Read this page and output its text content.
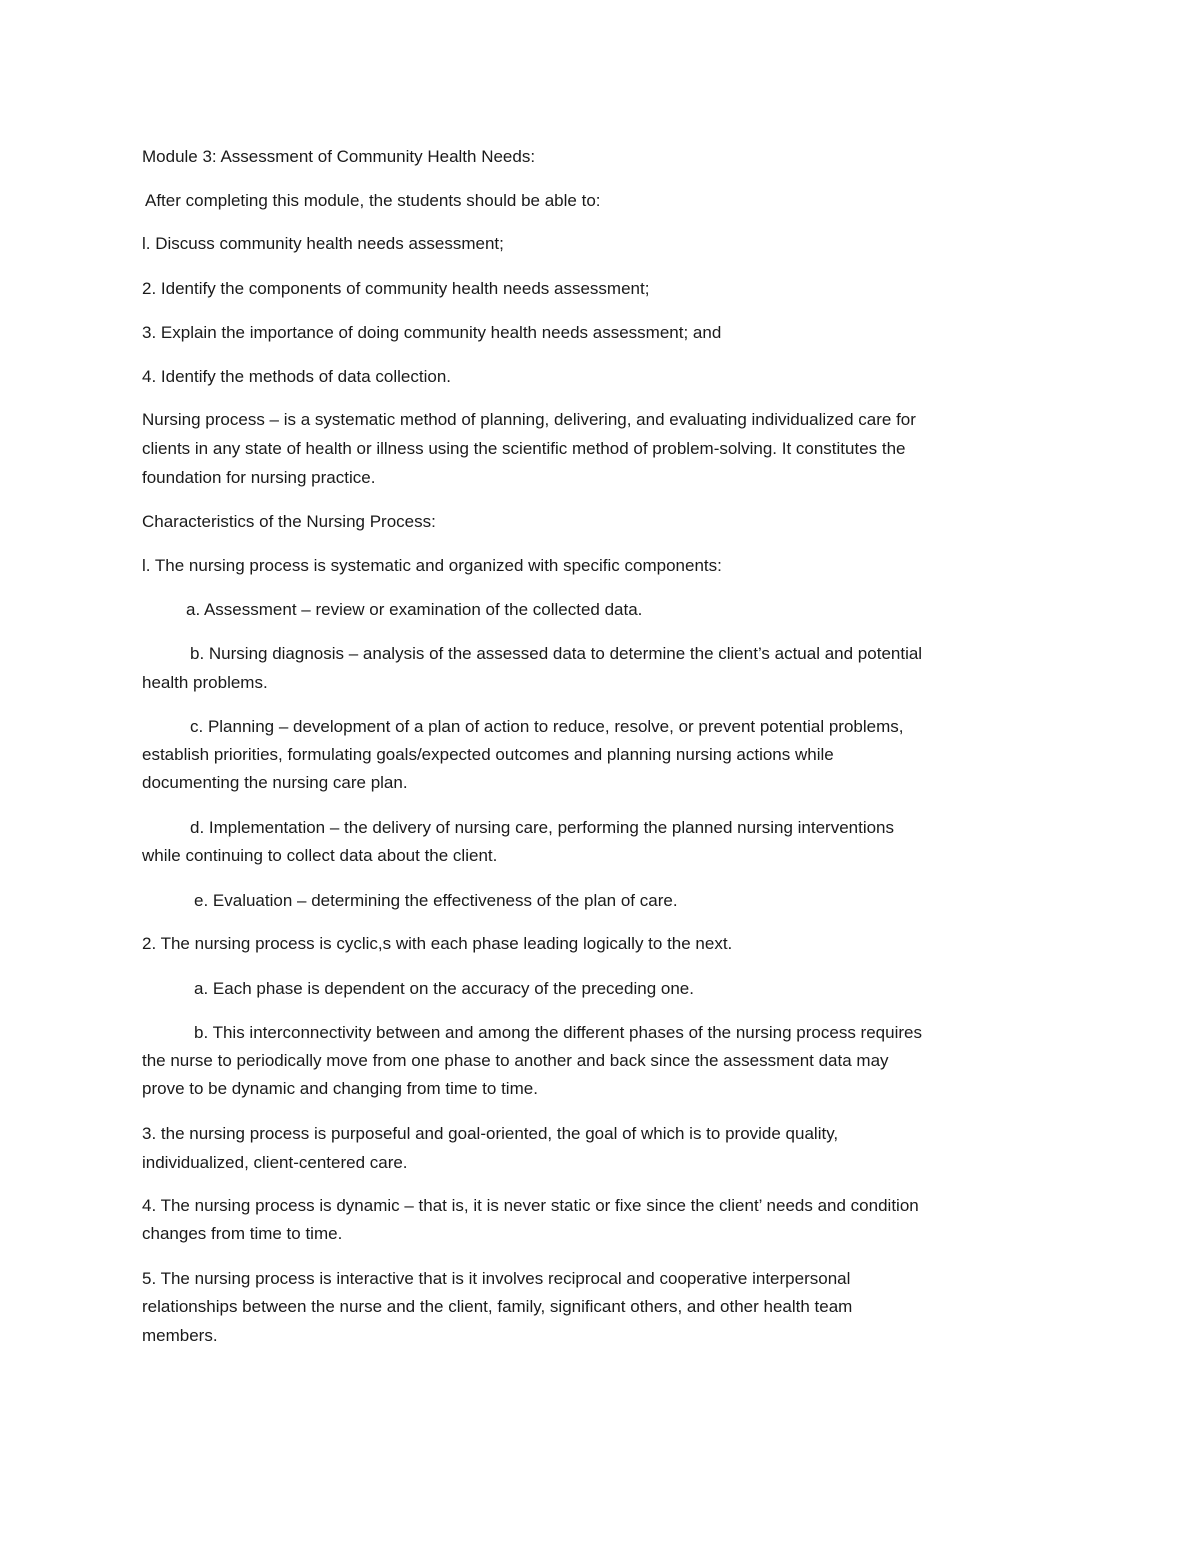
Module 3: Assessment of Community Health Needs:

After completing this module, the students should be able to:

l. Discuss community health needs assessment;

2. Identify the components of community health needs assessment;

3. Explain the importance of doing community health needs assessment; and

4. Identify the methods of data collection.

Nursing process – is a systematic method of planning, delivering, and evaluating individualized care for

clients in any state of health or illness using the scientific method of problem-solving. It constitutes the

foundation for nursing practice.

Characteristics of the Nursing Process:

l. The nursing process is systematic and organized with specific components:

a. Assessment – review or examination of the collected data.

b. Nursing diagnosis – analysis of the assessed data to determine the client’s actual and potential

health problems.

c. Planning – development of a plan of action to reduce, resolve, or prevent potential problems,

establish priorities, formulating goals/expected outcomes and planning nursing actions while

documenting the nursing care plan.

d. Implementation – the delivery of nursing care, performing the planned nursing interventions

while continuing to collect data about the client.

e. Evaluation – determining the effectiveness of the plan of care.

2. The nursing process is cyclic,s with each phase leading logically to the next.

a. Each phase is dependent on the accuracy of the preceding one.

b. This interconnectivity between and among the different phases of the nursing process requires

the nurse to periodically move from one phase to another and back since the assessment data may

prove to be dynamic and changing from time to time.

3. the nursing process is purposeful and goal-oriented, the goal of which is to provide quality,

individualized, client-centered care.

4. The nursing process is dynamic – that is, it is never static or fixe since the client’ needs and condition

changes from time to time.

5. The nursing process is interactive that is it involves reciprocal and cooperative interpersonal

relationships between the nurse and the client, family, significant others, and other health team

members.
